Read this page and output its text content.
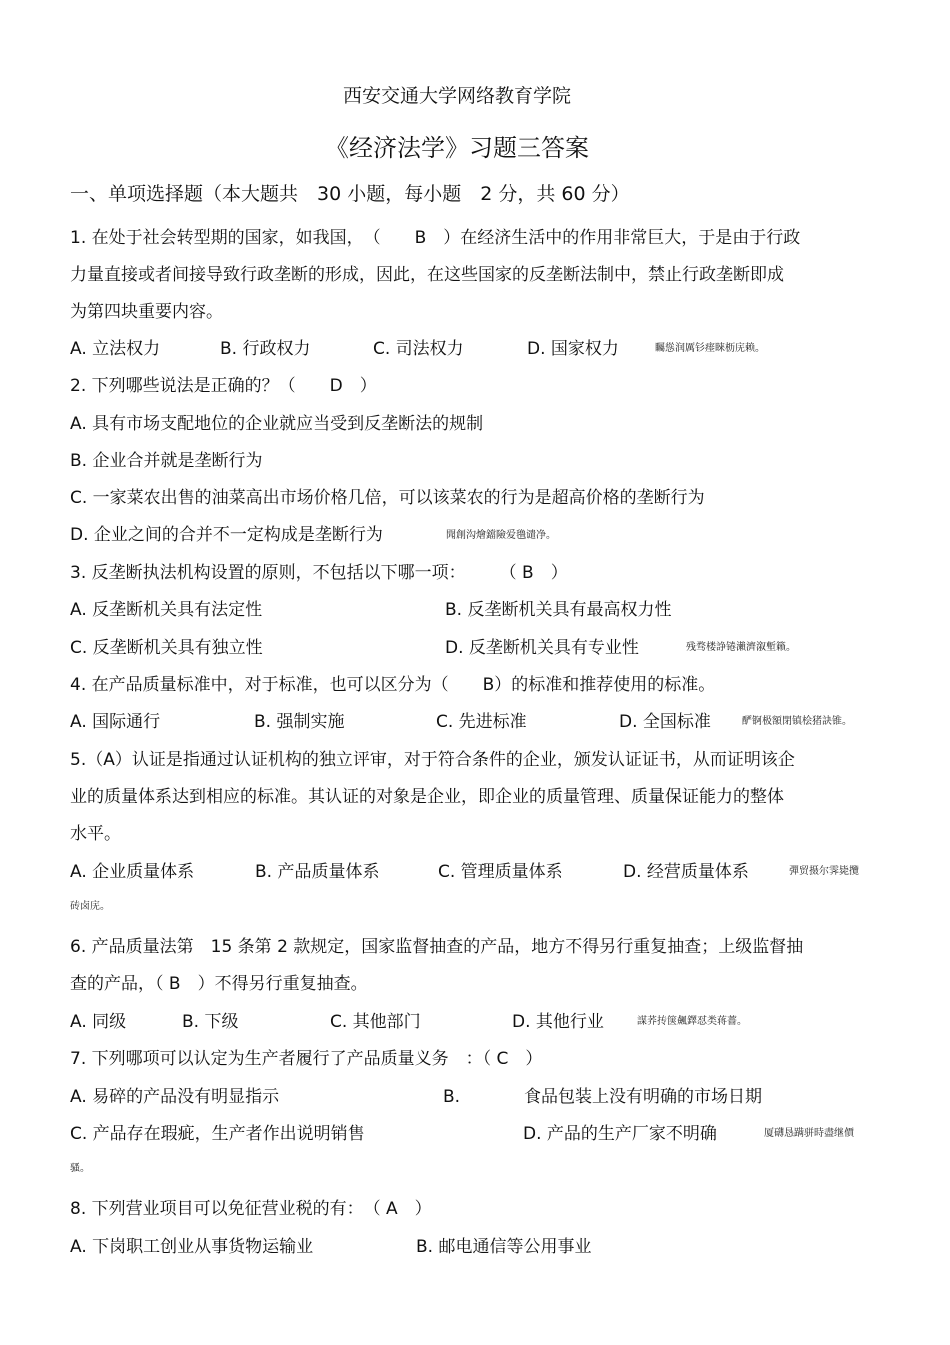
西安交通大学网络教育学院
《经济法学》习题三答案
一、单项选择题（本大题共　30 小题，每小题　2 分，共 60 分）
1. 在处于社会转型期的国家，如我国，　（　　B　）在经济生活中的作用非常巨大，于是由于行政
力量直接或者间接导致行政垄断的形成，因此，在这些国家的反垄断法制中，禁止行政垄断即成
为第四块重要内容。
A. 立法权力	B. 行政权力	C. 司法权力	D. 国家权力	矚慫润厲钐瘗睞枥庑赖。
2. 下列哪些说法是正确的？（　　D　）
A. 具有市场支配地位的企业就应当受到反垄断法的规制
B. 企业合并就是垄断行为
C. 一家菜农出售的油菜高出市场价格几倍，可以该菜农的行为是超高价格的垄断行为
D. 企业之间的合并不一定构成是垄断行为	聞創沟燴鐺險爱氇谴净。
3. 反垄断执法机构设置的原则，不包括以下哪一项：　　　（ B　）
A. 反垄断机关具有法定性	B. 反垄断机关具有最高权力性
C. 反垄断机关具有独立性	D. 反垄断机关具有专业性	残骛楼諍锩瀨濟溆塹籟。
4. 在产品质量标准中，对于标准，也可以区分为（　　B）的标准和推荐使用的标准。
A. 国际通行	B. 强制实施	C. 先进标准	D. 全国标准	酽锕极額閉镇桧猪訣锥。
5.（A）认证是指通过认证机构的独立评审，对于符合条件的企业，颁发认证证书，从而证明该企
业的质量体系达到相应的标准。其认证的对象是企业，即企业的质量管理、质量保证能力的整体
水平。
A. 企业质量体系	B. 产品质量体系	C. 管理质量体系	D. 经营质量体系	彈贸摄尔霁毙攬
砖卤庑。
6. 产品质量法第　15 条第 2 款规定，国家监督抽查的产品，地方不得另行重复抽查；上级监督抽
查的产品，（ B　）不得另行重复抽查。
A. 同级	B. 下级	C. 其他部门	D. 其他行业	謀荞抟箧飆鐸怼类蒋薔。
7. 下列哪项可以认定为生产者履行了产品质量义务　：（ C　）
A. 易碎的产品没有明显指示	B.	食品包装上没有明确的市场日期
C. 产品存在瑕疵，生产者作出说明销售	D. 产品的生产厂家不明确	厦礴恳蹒骈時盡继價
骚。
8. 下列营业项目可以免征营业税的有：　（ A　）
A. 下岗职工创业从事货物运输业	B. 邮电通信等公用事业
